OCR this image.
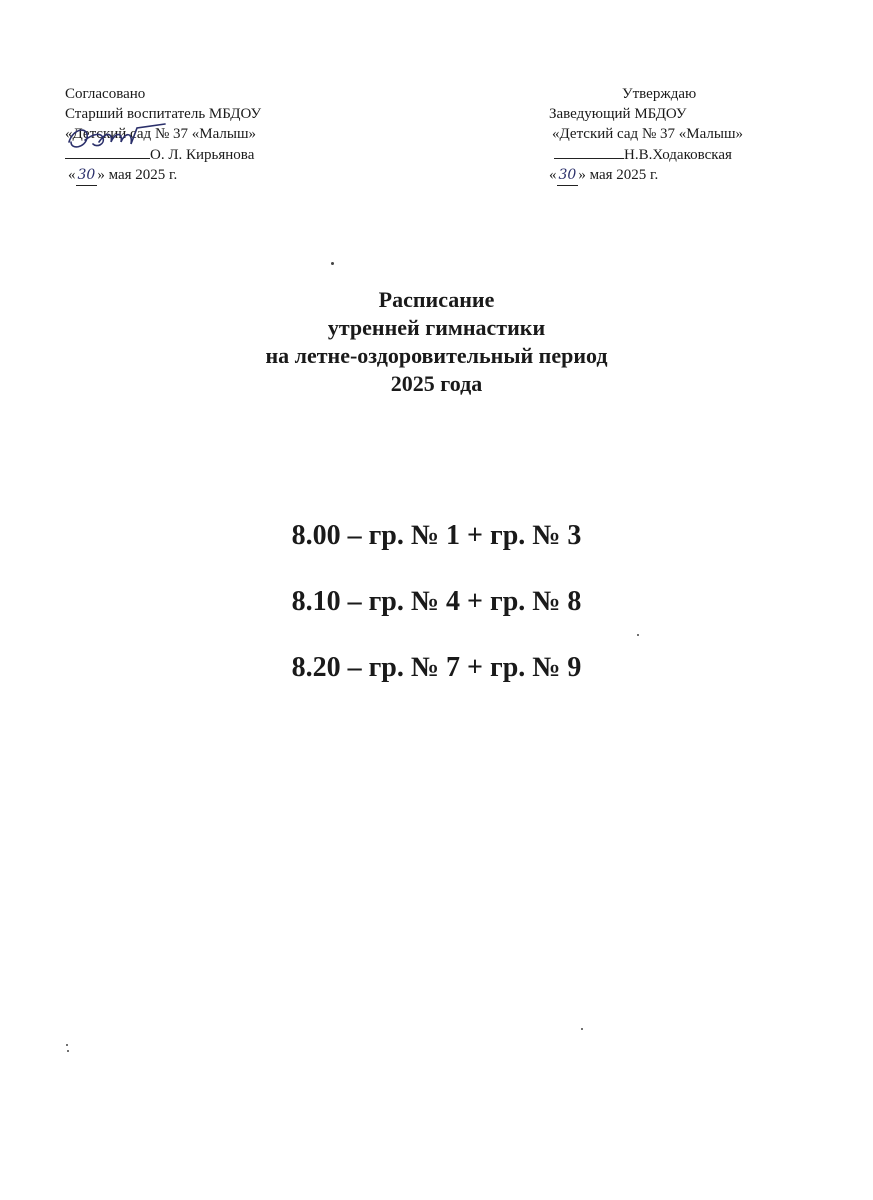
Согласовано
Старший воспитатель МБДОУ
«Детский сад № 37 «Малыш»
О. Л. Кирьянова
« 30 » мая 2025 г.
Утверждаю
Заведующий МБДОУ
«Детский сад № 37 «Малыш»
Н.В.Ходаковская
« 30 » мая 2025 г.
Расписание
утренней гимнастики
на летне-оздоровительный период
2025 года
8.00 – гр. № 1 + гр. № 3
8.10 – гр. № 4 + гр. № 8
8.20 – гр. № 7 + гр. № 9
